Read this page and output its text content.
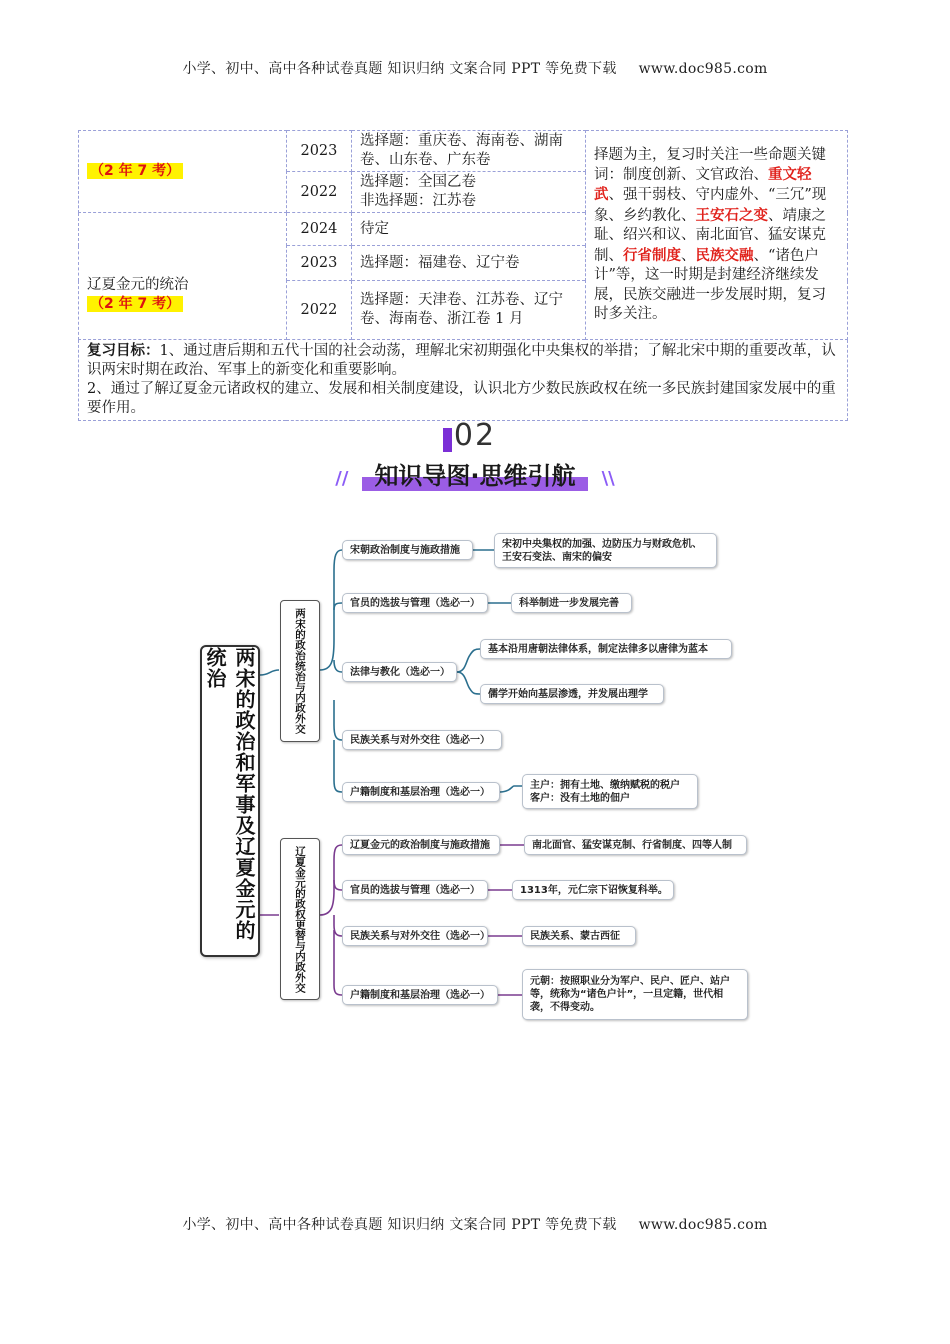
小学、初中、高中各种试卷真题 知识归纳 文案合同 PPT 等免费下载 www.doc985.com
（2 年 7 考）	2023	选择题：重庆卷、海南卷、湖南卷、山东卷、广东卷	择题为主，复习时关注一些命题关键词：制度创新、文官政治、重文轻武、强干弱枝、守内虚外、“三冗”现象、乡约教化、王安石之变、靖康之耻、绍兴和议、南北面官、猛安谋克制、行省制度、民族交融、“诸色户计”等，这一时期是封建经济继续发展，民族交融进一步发展时期，复习时多关注。
	2022	选择题：全国乙卷
非选择题：江苏卷	

辽夏金元的统治
（2 年 7 考）	2024	待定	
	2023	选择题：福建卷、辽宁卷	
	2022	选择题：天津卷、江苏卷、辽宁卷、海南卷、浙江卷 1 月	

复习目标：1、通过唐后期和五代十国的社会动荡，理解北宋初期强化中央集权的举措；了解北宋中期的重要改革，认识两宋时期在政治、军事上的新变化和重要影响。
2、通过了解辽夏金元诸政权的建立、发展和相关制度建设，认识北方少数民族政权在统一多民族封建国家发展中的重要作用。			
02
// 知识导图·思维引航 \\
两宋的政治和军事及辽夏金元的统治	两宋的政治统治与内政外交
辽夏金元的政权更替与内政外交
宋朝政治制度与施政措施
宋初中央集权的加强、边防压力与财政危机、王安石变法、南宋的偏安
官员的选拔与管理（选必一）	科举制进一步发展完善
法律与教化（选必一）
基本沿用唐朝法律体系，制定法律多以唐律为蓝本
儒学开始向基层渗透，并发展出理学
民族关系与对外交往（选必一）
户籍制度和基层治理（选必一）
主户：拥有土地、缴纳赋税的税户
客户：没有土地的佃户
辽夏金元的政治制度与施政措施	南北面官、猛安谋克制、行省制度、四等人制
官员的选拔与管理（选必一）	1313年，元仁宗下诏恢复科举。
民族关系与对外交往（选必一）	民族关系、蒙古西征
户籍制度和基层治理（选必一）
元朝：按照职业分为军户、民户、匠户、站户等，统称为“诸色户计”，一旦定籍，世代相袭，不得变动。
小学、初中、高中各种试卷真题 知识归纳 文案合同 PPT 等免费下载 www.doc985.com
